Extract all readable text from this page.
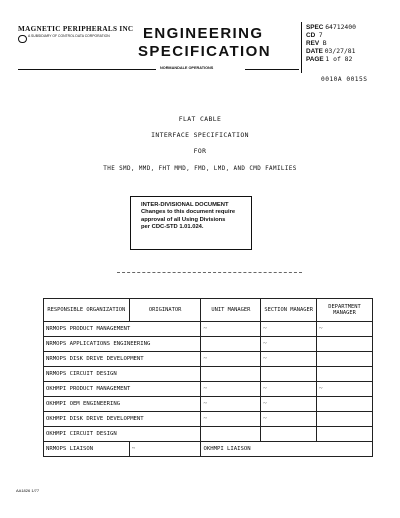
MAGNETIC PERIPHERALS INC
A SUBSIDIARY OF CONTROL DATA CORPORATION ENGINEERING
SPECIFICATION
NORMANDALE OPERATIONS
SPEC 64712400
CD 7
REV B
DATE 03/27/81
PAGE 1 of 82
0010A 0015S
FLAT CABLE
INTERFACE SPECIFICATION
FOR
THE SMD, MMD, FHT MMD, FMD, LMD, AND CMD FAMILIES
INTER-DIVISIONAL DOCUMENT
Changes to this document require
approval of all Using Divisions
per CDC-STD 1.01.024.
RESPONSIBLE ORGANIZATION	ORIGINATOR	UNIT MANAGER	SECTION MANAGER	DEPARTMENT MANAGER
NRMOPS PRODUCT MANAGEMENT		~	~	~
NRMOPS APPLICATIONS ENGINEERING			~	
NRMOPS DISK DRIVE DEVELOPMENT		~	~	
NRMOPS CIRCUIT DESIGN				
OKHMPI PRODUCT MANAGEMENT		~	~	~
OKHMPI OEM ENGINEERING		~	~	
OKHMPI DISK DRIVE DEVELOPMENT		~	~	
OKHMPI CIRCUIT DESIGN				
NRMOPS LIAISON	~	OKHMPI LIAISON		
AA1826 1/77
